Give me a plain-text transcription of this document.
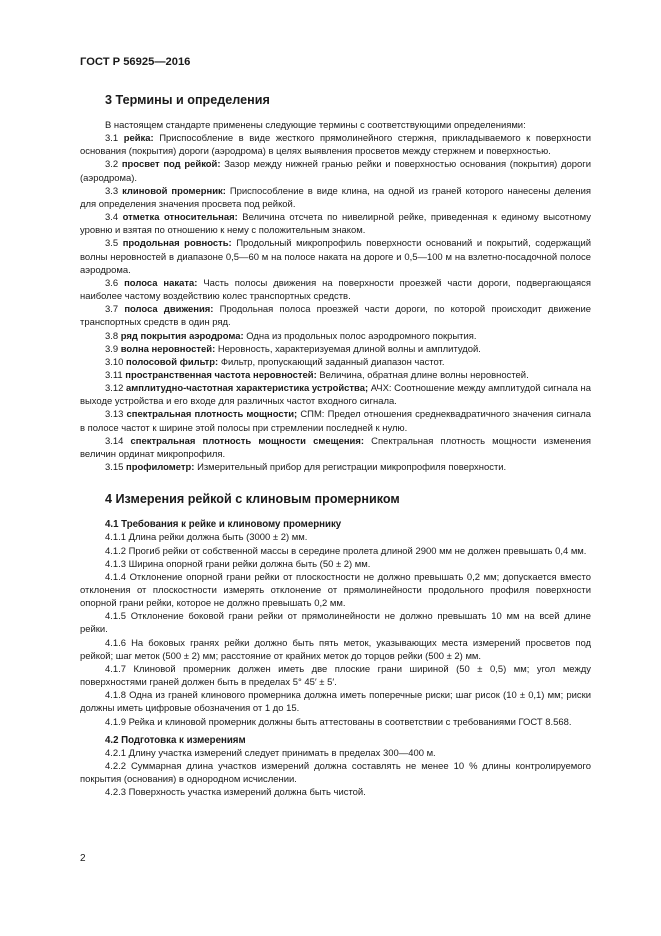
ГОСТ Р 56925—2016
3 Термины и определения

В настоящем стандарте применены следующие термины с соответствующими определениями:

3.1 рейка: Приспособление в виде жесткого прямолинейного стержня, прикладываемого к поверхности основания (покрытия) дороги (аэродрома) в целях выявления просветов между стержнем и поверхностью.

3.2 просвет под рейкой: Зазор между нижней гранью рейки и поверхностью основания (покрытия) дороги (аэродрома).

3.3 клиновой промерник: Приспособление в виде клина, на одной из граней которого нанесены деления для определения значения просвета под рейкой.

3.4 отметка относительная: Величина отсчета по нивелирной рейке, приведенная к единому высотному уровню и взятая по отношению к нему с положительным знаком.

3.5 продольная ровность: Продольный микропрофиль поверхности оснований и покрытий, содержащий волны неровностей в диапазоне 0,5—60 м на полосе наката на дороге и 0,5—100 м на взлетно-посадочной полосе аэродрома.

3.6 полоса наката: Часть полосы движения на поверхности проезжей части дороги, подвергающаяся наиболее частому воздействию колес транспортных средств.

3.7 полоса движения: Продольная полоса проезжей части дороги, по которой происходит движение транспортных средств в один ряд.

3.8 ряд покрытия аэродрома: Одна из продольных полос аэродромного покрытия.

3.9 волна неровностей: Неровность, характеризуемая длиной волны и амплитудой.

3.10 полосовой фильтр: Фильтр, пропускающий заданный диапазон частот.

3.11 пространственная частота неровностей: Величина, обратная длине волны неровностей.

3.12 амплитудно-частотная характеристика устройства; АЧХ: Соотношение между амплитудой сигнала на выходе устройства и его входе для различных частот входного сигнала.

3.13 спектральная плотность мощности; СПМ: Предел отношения среднеквадратичного значения сигнала в полосе частот к ширине этой полосы при стремлении последней к нулю.

3.14 спектральная плотность мощности смещения: Спектральная плотность мощности изменения величин ординат микропрофиля.

3.15 профилометр: Измерительный прибор для регистрации микропрофиля поверхности.

4 Измерения рейкой с клиновым промерником
4.1 Требования к рейке и клиновому промернику

4.1.1 Длина рейки должна быть (3000 ± 2) мм.

4.1.2 Прогиб рейки от собственной массы в середине пролета длиной 2900 мм не должен превышать 0,4 мм.

4.1.3 Ширина опорной грани рейки должна быть (50 ± 2) мм.

4.1.4 Отклонение опорной грани рейки от плоскостности не должно превышать 0,2 мм; допускается вместо отклонения от плоскостности измерять отклонение от прямолинейности продольного профиля поверхности опорной грани рейки, которое не должно превышать 0,2 мм.

4.1.5 Отклонение боковой грани рейки от прямолинейности не должно превышать 10 мм на всей длине рейки.

4.1.6 На боковых гранях рейки должно быть пять меток, указывающих места измерений просветов под рейкой; шаг меток (500 ± 2) мм; расстояние от крайних меток до торцов рейки (500 ± 2) мм.

4.1.7 Клиновой промерник должен иметь две плоские грани шириной (50 ± 0,5) мм; угол между поверхностями граней должен быть в пределах 5° 45′ ± 5′.

4.1.8 Одна из граней клинового промерника должна иметь поперечные риски; шаг рисок (10 ± 0,1) мм; риски должны иметь цифровые обозначения от 1 до 15.

4.1.9 Рейка и клиновой промерник должны быть аттестованы в соответствии с требованиями ГОСТ 8.568.

4.2 Подготовка к измерениям

4.2.1 Длину участка измерений следует принимать в пределах 300—400 м.

4.2.2 Суммарная длина участков измерений должна составлять не менее 10 % длины контролируемого покрытия (основания) в однородном исчислении.

4.2.3 Поверхность участка измерений должна быть чистой.

2
